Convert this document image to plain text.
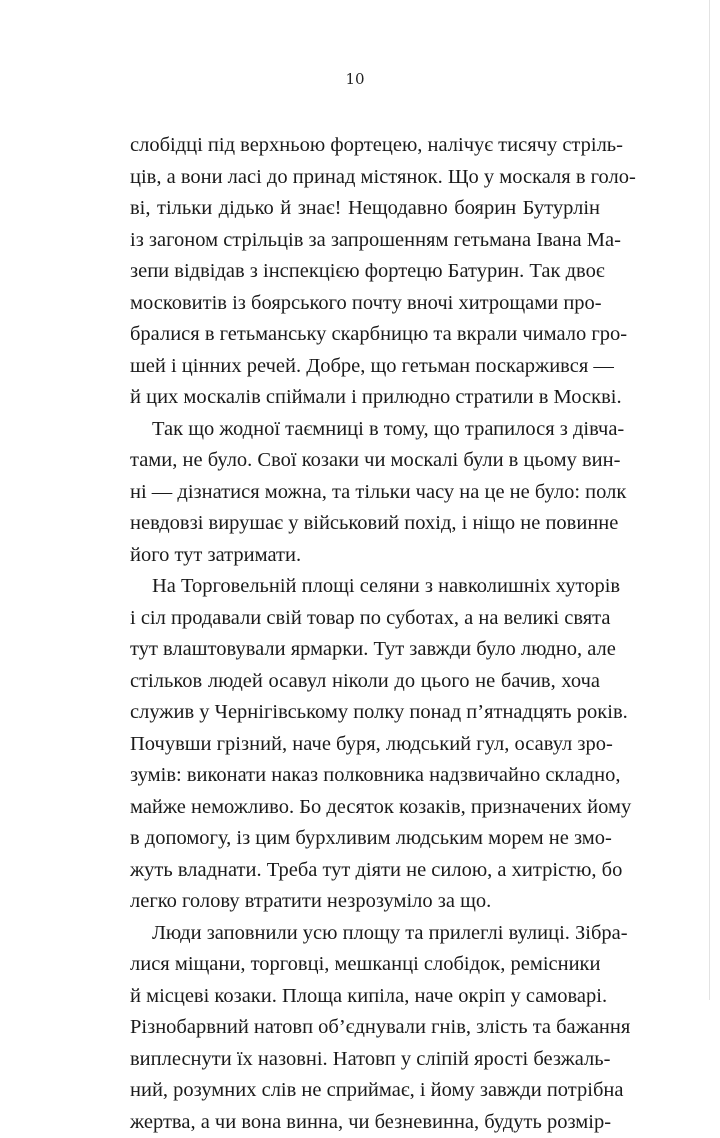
10
слобідці під верхньою фортецею, налічує тисячу стріль-
ців, а вони ласі до принад містянок. Що у москаля в голо-
ві, тільки дідько й знає! Нещодавно боярин Бутурлін
із загоном стрільців за запрошенням гетьмана Івана Ма-
зепи відвідав з інспекцією фортецю Батурин. Так двоє
московитів із боярського почту вночі хитрощами про-
бралися в гетьманську скарбницю та вкрали чимало гро-
шей і цінних речей. Добре, що гетьман поскаржився —
й цих москалів спіймали і прилюдно стратили в Москві.
Так що жодної таємниці в тому, що трапилося з дівча-
тами, не було. Свої козаки чи москалі були в цьому вин-
ні — дізнатися можна, та тільки часу на це не було: полк
невдовзі вирушає у військовий похід, і ніщо не повинне
його тут затримати.
На Торговельній площі селяни з навколишніх хуторів
і сіл продавали свій товар по суботах, а на великі свята
тут влаштовували ярмарки. Тут завжди було людно, але
стільков людей осавул ніколи до цього не бачив, хоча
служив у Чернігівському полку понад п’ятнадцять років.
Почувши грізний, наче буря, людський гул, осавул зро-
зумів: виконати наказ полковника надзвичайно складно,
майже неможливо. Бо десяток козаків, призначених йому
в допомогу, із цим бурхливим людським морем не змо-
жуть владнати. Треба тут діяти не силою, а хитрістю, бо
легко голову втратити незрозуміло за що.
Люди заповнили усю площу та прилеглі вулиці. Зібра-
лися міщани, торговці, мешканці слобідок, ремісники
й місцеві козаки. Площа кипіла, наче окріп у самоварі.
Різнобарвний натовп об’єднували гнів, злість та бажання
виплеснути їх назовні. Натовп у сліпій ярості безжаль-
ний, розумних слів не сприймає, і йому завжди потрібна
жертва, а чи вона винна, чи безневинна, будуть розмір-
